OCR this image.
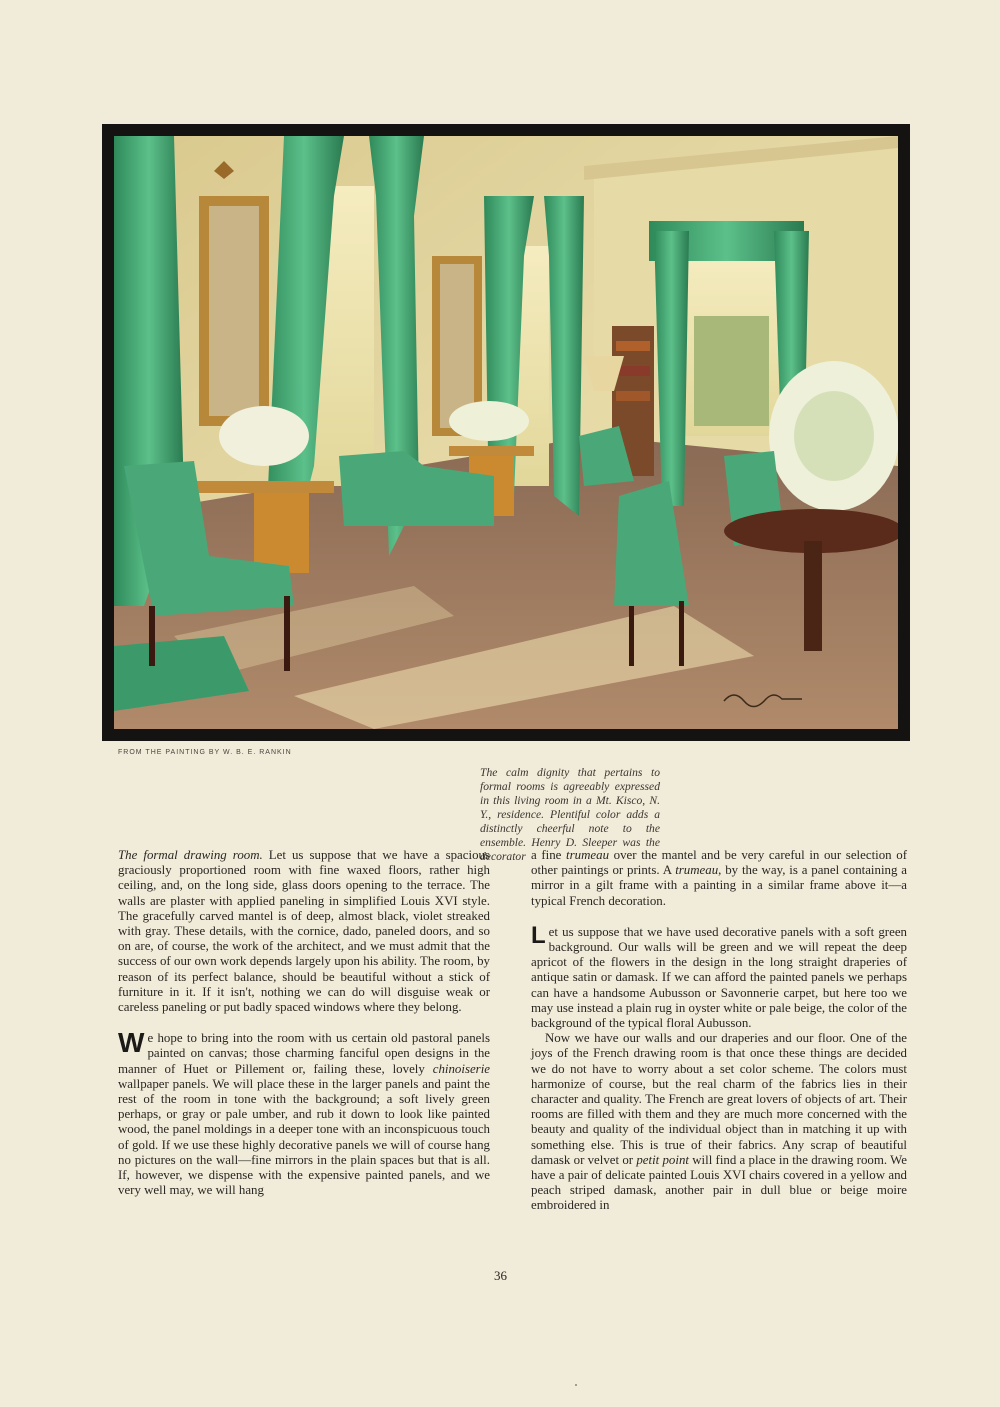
FROM THE PAINTING BY W. B. E. RANKIN
The calm dignity that pertains to formal rooms is agreeably expressed in this living room in a Mt. Kisco, N. Y., residence. Plentiful color adds a distinctly cheerful note to the ensemble. Henry D. Sleeper was the decorator

The formal drawing room. Let us suppose that we have a spacious graciously proportioned room with fine waxed floors, rather high ceiling, and, on the long side, glass doors opening to the terrace. The walls are plaster with applied paneling in simplified Louis XVI style. The gracefully carved mantel is of deep, almost black, violet streaked with gray. These details, with the cornice, dado, paneled doors, and so on are, of course, the work of the architect, and we must admit that the success of our own work depends largely upon his ability. The room, by reason of its perfect balance, should be beautiful without a stick of furniture in it. If it isn't, nothing we can do will disguise weak or careless paneling or put badly spaced windows where they belong.

We hope to bring into the room with us certain old pastoral panels painted on canvas; those charming fanciful open designs in the manner of Huet or Pillement or, failing these, lovely chinoiserie wallpaper panels. We will place these in the larger panels and paint the rest of the room in tone with the background; a soft lively green perhaps, or gray or pale umber, and rub it down to look like painted wood, the panel moldings in a deeper tone with an inconspicuous touch of gold. If we use these highly decorative panels we will of course hang no pictures on the wall—fine mirrors in the plain spaces but that is all. If, however, we dispense with the expensive painted panels, and we very well may, we will hang

a fine trumeau over the mantel and be very careful in our selection of other paintings or prints. A trumeau, by the way, is a panel containing a mirror in a gilt frame with a painting in a similar frame above it—a typical French decoration.

Let us suppose that we have used decorative panels with a soft green background. Our walls will be green and we will repeat the deep apricot of the flowers in the design in the long straight draperies of antique satin or damask. If we can afford the painted panels we perhaps can have a handsome Aubusson or Savonnerie carpet, but here too we may use instead a plain rug in oyster white or pale beige, the color of the background of the typical floral Aubusson.

Now we have our walls and our draperies and our floor. One of the joys of the French drawing room is that once these things are decided we do not have to worry about a set color scheme. The colors must harmonize of course, but the real charm of the fabrics lies in their character and quality. The French are great lovers of objects of art. Their rooms are filled with them and they are much more concerned with the beauty and quality of the individual object than in matching it up with something else. This is true of their fabrics. Any scrap of beautiful damask or velvet or petit point will find a place in the drawing room. We have a pair of delicate painted Louis XVI chairs covered in a yellow and peach striped damask, another pair in dull blue or beige moire embroidered in

36
